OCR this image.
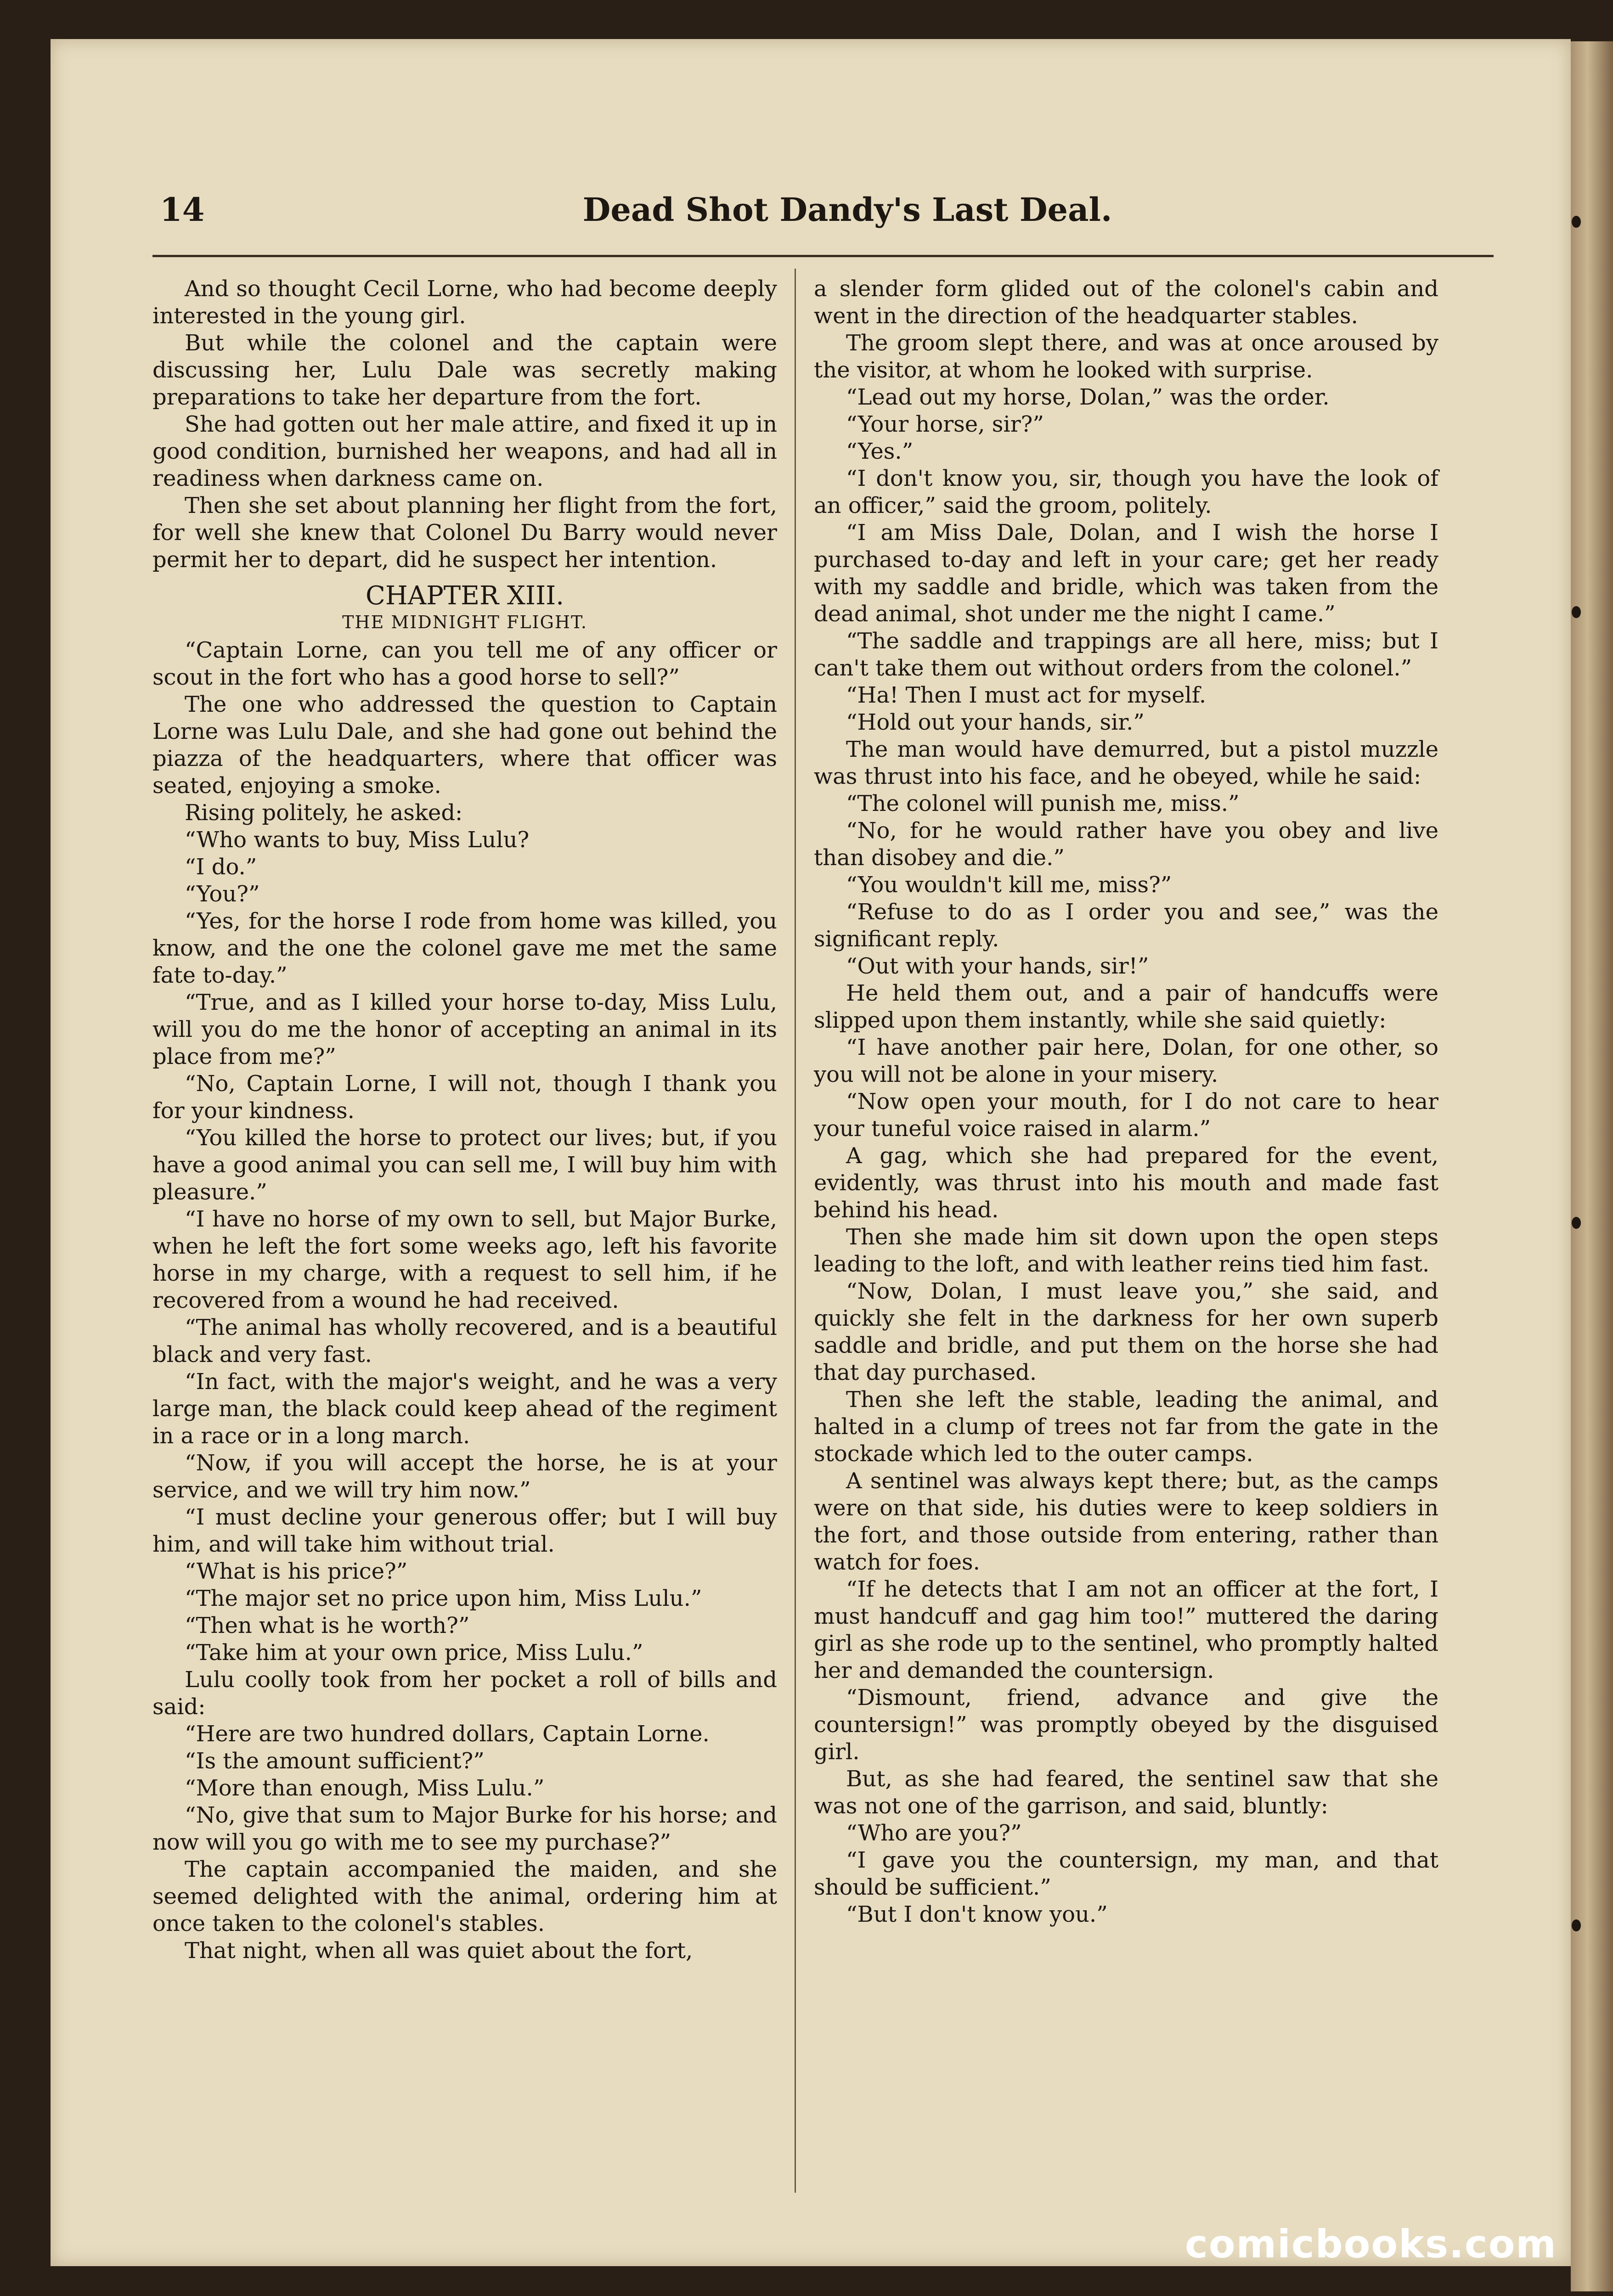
14	Dead Shot Dandy's Last Deal.

And so thought Cecil Lorne, who had become deeply interested in the young girl.

But while the colonel and the captain were discussing her, Lulu Dale was secretly making preparations to take her departure from the fort.

She had gotten out her male attire, and fixed it up in good condition, burnished her weapons, and had all in readiness when darkness came on.

Then she set about planning her flight from the fort, for well she knew that Colonel Du Barry would never permit her to depart, did he suspect her intention.

CHAPTER XIII.

THE MIDNIGHT FLIGHT.

“Captain Lorne, can you tell me of any officer or scout in the fort who has a good horse to sell?”

The one who addressed the question to Captain Lorne was Lulu Dale, and she had gone out behind the piazza of the headquarters, where that officer was seated, enjoying a smoke.

Rising politely, he asked:

“Who wants to buy, Miss Lulu?

“I do.”

“You?”

“Yes, for the horse I rode from home was killed, you know, and the one the colonel gave me met the same fate to-day.”

“True, and as I killed your horse to-day, Miss Lulu, will you do me the honor of accepting an animal in its place from me?”

“No, Captain Lorne, I will not, though I thank you for your kindness.

“You killed the horse to protect our lives; but, if you have a good animal you can sell me, I will buy him with pleasure.”

“I have no horse of my own to sell, but Major Burke, when he left the fort some weeks ago, left his favorite horse in my charge, with a request to sell him, if he recovered from a wound he had received.

“The animal has wholly recovered, and is a beautiful black and very fast.

“In fact, with the major's weight, and he was a very large man, the black could keep ahead of the regiment in a race or in a long march.

“Now, if you will accept the horse, he is at your service, and we will try him now.”

“I must decline your generous offer; but I will buy him, and will take him without trial.

“What is his price?”

“The major set no price upon him, Miss Lulu.”

“Then what is he worth?”

“Take him at your own price, Miss Lulu.”

Lulu coolly took from her pocket a roll of bills and said:

“Here are two hundred dollars, Captain Lorne.

“Is the amount sufficient?”

“More than enough, Miss Lulu.”

“No, give that sum to Major Burke for his horse; and now will you go with me to see my purchase?”

The captain accompanied the maiden, and she seemed delighted with the animal, ordering him at once taken to the colonel's stables.

That night, when all was quiet about the fort,

a slender form glided out of the colonel's cabin and went in the direction of the headquarter stables.

The groom slept there, and was at once aroused by the visitor, at whom he looked with surprise.

“Lead out my horse, Dolan,” was the order.

“Your horse, sir?”

“Yes.”

“I don't know you, sir, though you have the look of an officer,” said the groom, politely.

“I am Miss Dale, Dolan, and I wish the horse I purchased to-day and left in your care; get her ready with my saddle and bridle, which was taken from the dead animal, shot under me the night I came.”

“The saddle and trappings are all here, miss; but I can't take them out without orders from the colonel.”

“Ha! Then I must act for myself.

“Hold out your hands, sir.”

The man would have demurred, but a pistol muzzle was thrust into his face, and he obeyed, while he said:

“The colonel will punish me, miss.”

“No, for he would rather have you obey and live than disobey and die.”

“You wouldn't kill me, miss?”

“Refuse to do as I order you and see,” was the significant reply.

“Out with your hands, sir!”

He held them out, and a pair of handcuffs were slipped upon them instantly, while she said quietly:

“I have another pair here, Dolan, for one other, so you will not be alone in your misery.

“Now open your mouth, for I do not care to hear your tuneful voice raised in alarm.”

A gag, which she had prepared for the event, evidently, was thrust into his mouth and made fast behind his head.

Then she made him sit down upon the open steps leading to the loft, and with leather reins tied him fast.

“Now, Dolan, I must leave you,” she said, and quickly she felt in the darkness for her own superb saddle and bridle, and put them on the horse she had that day purchased.

Then she left the stable, leading the animal, and halted in a clump of trees not far from the gate in the stockade which led to the outer camps.

A sentinel was always kept there; but, as the camps were on that side, his duties were to keep soldiers in the fort, and those outside from entering, rather than watch for foes.

“If he detects that I am not an officer at the fort, I must handcuff and gag him too!” muttered the daring girl as she rode up to the sentinel, who promptly halted her and demanded the countersign.

“Dismount, friend, advance and give the countersign!” was promptly obeyed by the disguised girl.

But, as she had feared, the sentinel saw that she was not one of the garrison, and said, bluntly:

“Who are you?”

“I gave you the countersign, my man, and that should be sufficient.”

“But I don't know you.”

comicbooks.com
